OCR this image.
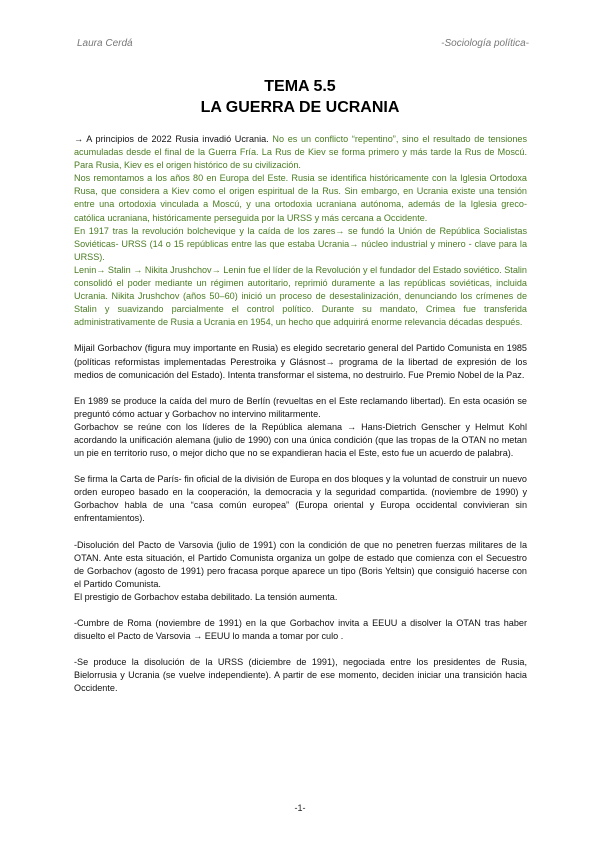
Laura Cerdá	-Sociología política-
TEMA 5.5
LA GUERRA DE UCRANIA

→ A principios de 2022 Rusia invadió Ucrania. No es un conflicto “repentino”, sino el resultado de tensiones acumuladas desde el final de la Guerra Fría. La Rus de Kiev se forma primero y más tarde la Rus de Moscú. Para Rusia, Kiev es el origen histórico de su civilización.

Nos remontamos a los años 80 en Europa del Este. Rusia se identifica históricamente con la Iglesia Ortodoxa Rusa, que considera a Kiev como el origen espiritual de la Rus. Sin embargo, en Ucrania existe una tensión entre una ortodoxia vinculada a Moscú, y una ortodoxia ucraniana autónoma, además de la Iglesia greco-católica ucraniana, históricamente perseguida por la URSS y más cercana a Occidente.

En 1917 tras la revolución bolchevique y la caída de los zares→ se fundó la Unión de República Socialistas Soviéticas- URSS (14 o 15 repúblicas entre las que estaba Ucrania→ núcleo industrial y minero - clave para la URSS).

Lenin→ Stalin → Nikita Jrushchov→ Lenin fue el líder de la Revolución y el fundador del Estado soviético. Stalin consolidó el poder mediante un régimen autoritario, reprimió duramente a las repúblicas soviéticas, incluida Ucrania. Nikita Jrushchov (años 50–60) inició un proceso de desestalinización, denunciando los crímenes de Stalin y suavizando parcialmente el control político. Durante su mandato, Crimea fue transferida administrativamente de Rusia a Ucrania en 1954, un hecho que adquirirá enorme relevancia décadas después.

Mijail Gorbachov (figura muy importante en Rusia) es elegido secretario general del Partido Comunista en 1985 (políticas reformistas implementadas Perestroika y Glásnost→ programa de la libertad de expresión de los medios de comunicación del Estado). Intenta transformar el sistema, no destruirlo. Fue Premio Nobel de la Paz.

En 1989 se produce la caída del muro de Berlín (revueltas en el Este reclamando libertad). En esta ocasión se preguntó cómo actuar y Gorbachov no intervino militarmente.

Gorbachov se reúne con los líderes de la República alemana → Hans-Dietrich Genscher y Helmut Kohl acordando la unificación alemana (julio de 1990) con una única condición (que las tropas de la OTAN no metan un pie en territorio ruso, o mejor dicho que no se expandieran hacia el Este, esto fue un acuerdo de palabra).

Se firma la Carta de París- fin oficial de la división de Europa en dos bloques y la voluntad de construir un nuevo orden europeo basado en la cooperación, la democracia y la seguridad compartida. (noviembre de 1990) y Gorbachov habla de una “casa común europea” (Europa oriental y Europa occidental convivieran sin enfrentamientos).

-Disolución del Pacto de Varsovia (julio de 1991) con la condición de que no penetren fuerzas militares de la OTAN. Ante esta situación, el Partido Comunista organiza un golpe de estado que comienza con el Secuestro de Gorbachov (agosto de 1991) pero fracasa porque aparece un tipo (Boris Yeltsin) que consiguió hacerse con el Partido Comunista.

El prestigio de Gorbachov estaba debilitado. La tensión aumenta.

-Cumbre de Roma (noviembre de 1991) en la que Gorbachov invita a EEUU a disolver la OTAN tras haber disuelto el Pacto de Varsovia → EEUU lo manda a tomar por culo .

-Se produce la disolución de la URSS (diciembre de 1991), negociada entre los presidentes de Rusia, Bielorrusia y Ucrania (se vuelve independiente). A partir de ese momento, deciden iniciar una transición hacia Occidente.

-1-
